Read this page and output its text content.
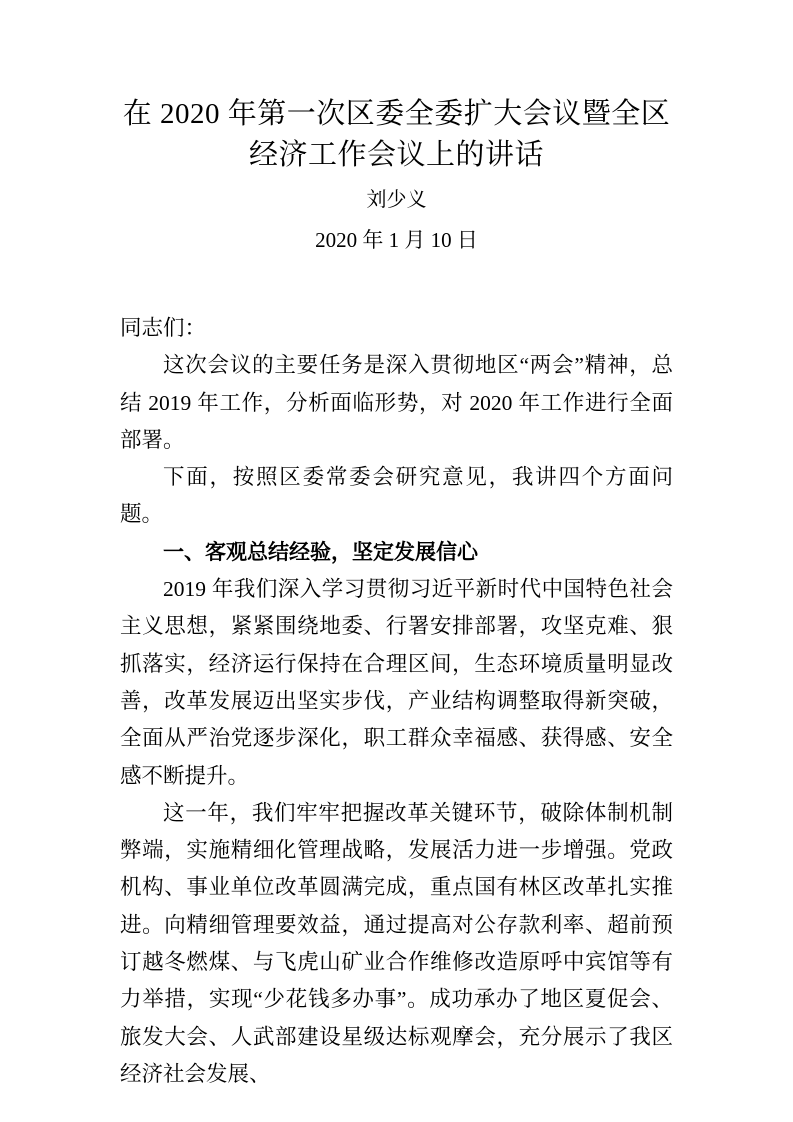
在 2020 年第一次区委全委扩大会议暨全区
经济工作会议上的讲话
刘少义
2020 年 1 月 10 日

同志们：

这次会议的主要任务是深入贯彻地区“两会”精神，总结 2019 年工作，分析面临形势，对 2020 年工作进行全面部署。

下面，按照区委常委会研究意见，我讲四个方面问题。

一、客观总结经验，坚定发展信心

2019 年我们深入学习贯彻习近平新时代中国特色社会主义思想，紧紧围绕地委、行署安排部署，攻坚克难、狠抓落实，经济运行保持在合理区间，生态环境质量明显改善，改革发展迈出坚实步伐，产业结构调整取得新突破，全面从严治党逐步深化，职工群众幸福感、获得感、安全感不断提升。

这一年，我们牢牢把握改革关键环节，破除体制机制弊端，实施精细化管理战略，发展活力进一步增强。党政机构、事业单位改革圆满完成，重点国有林区改革扎实推进。向精细管理要效益，通过提高对公存款利率、超前预订越冬燃煤、与飞虎山矿业合作维修改造原呼中宾馆等有力举措，实现“少花钱多办事”。成功承办了地区夏促会、旅发大会、人武部建设星级达标观摩会，充分展示了我区经济社会发展、
